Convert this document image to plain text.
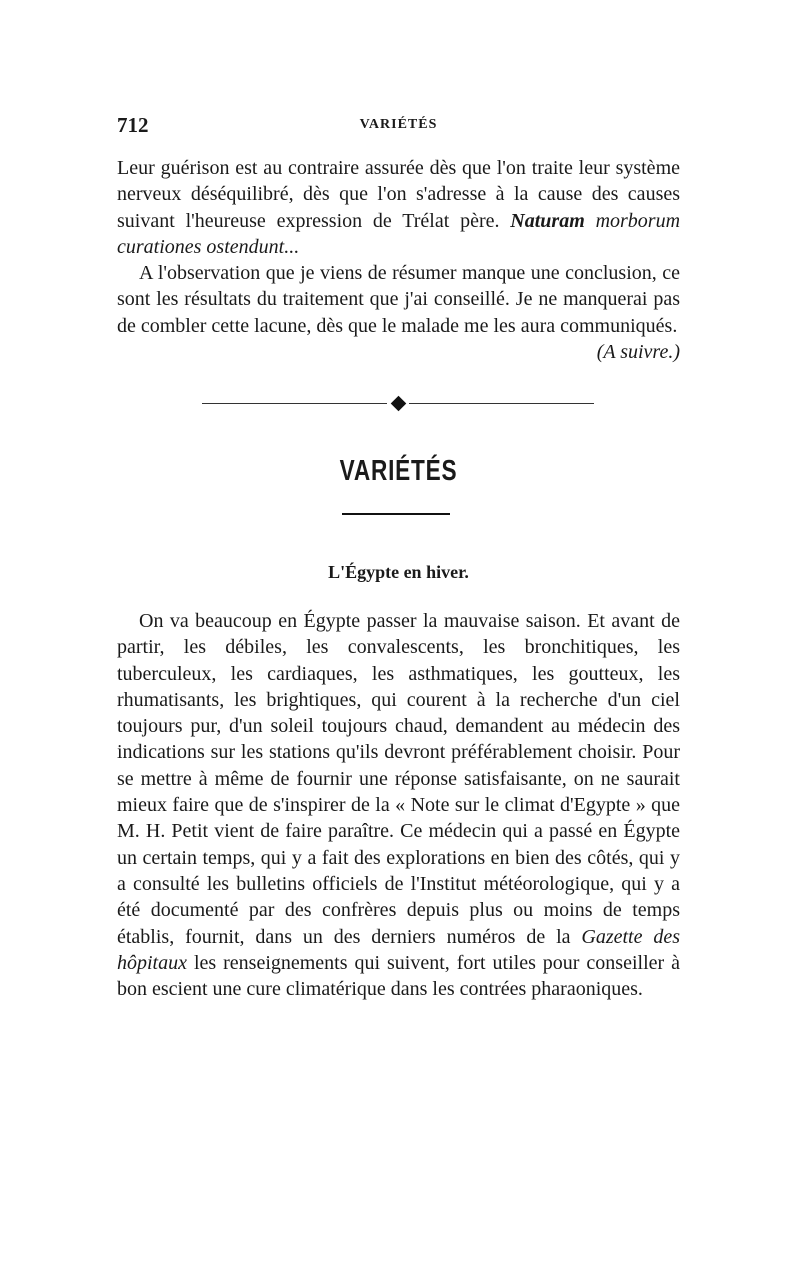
712	VARIÉTÉS

Leur guérison est au contraire assurée dès que l'on traite leur système nerveux déséquilibré, dès que l'on s'adresse à la cause des causes suivant l'heureuse expression de Trélat père. Naturam morborum curationes ostendunt...

A l'observation que je viens de résumer manque une conclusion, ce sont les résultats du traitement que j'ai conseillé. Je ne manquerai pas de combler cette lacune, dès que le malade me les aura communiqués.
(A suivre.)

VARIÉTÉS
L'Égypte en hiver.

On va beaucoup en Égypte passer la mauvaise saison. Et avant de partir, les débiles, les convalescents, les bronchitiques, les tuberculeux, les cardiaques, les asthmatiques, les goutteux, les rhumatisants, les brightiques, qui courent à la recherche d'un ciel toujours pur, d'un soleil toujours chaud, demandent au médecin des indications sur les stations qu'ils devront préférablement choisir. Pour se mettre à même de fournir une réponse satisfaisante, on ne saurait mieux faire que de s'inspirer de la « Note sur le climat d'Egypte » que M. H. Petit vient de faire paraître. Ce médecin qui a passé en Égypte un certain temps, qui y a fait des explorations en bien des côtés, qui y a consulté les bulletins officiels de l'Institut météorologique, qui y a été documenté par des confrères depuis plus ou moins de temps établis, fournit, dans un des derniers numéros de la Gazette des hôpitaux les renseignements qui suivent, fort utiles pour conseiller à bon escient une cure climatérique dans les contrées pharaoniques.
